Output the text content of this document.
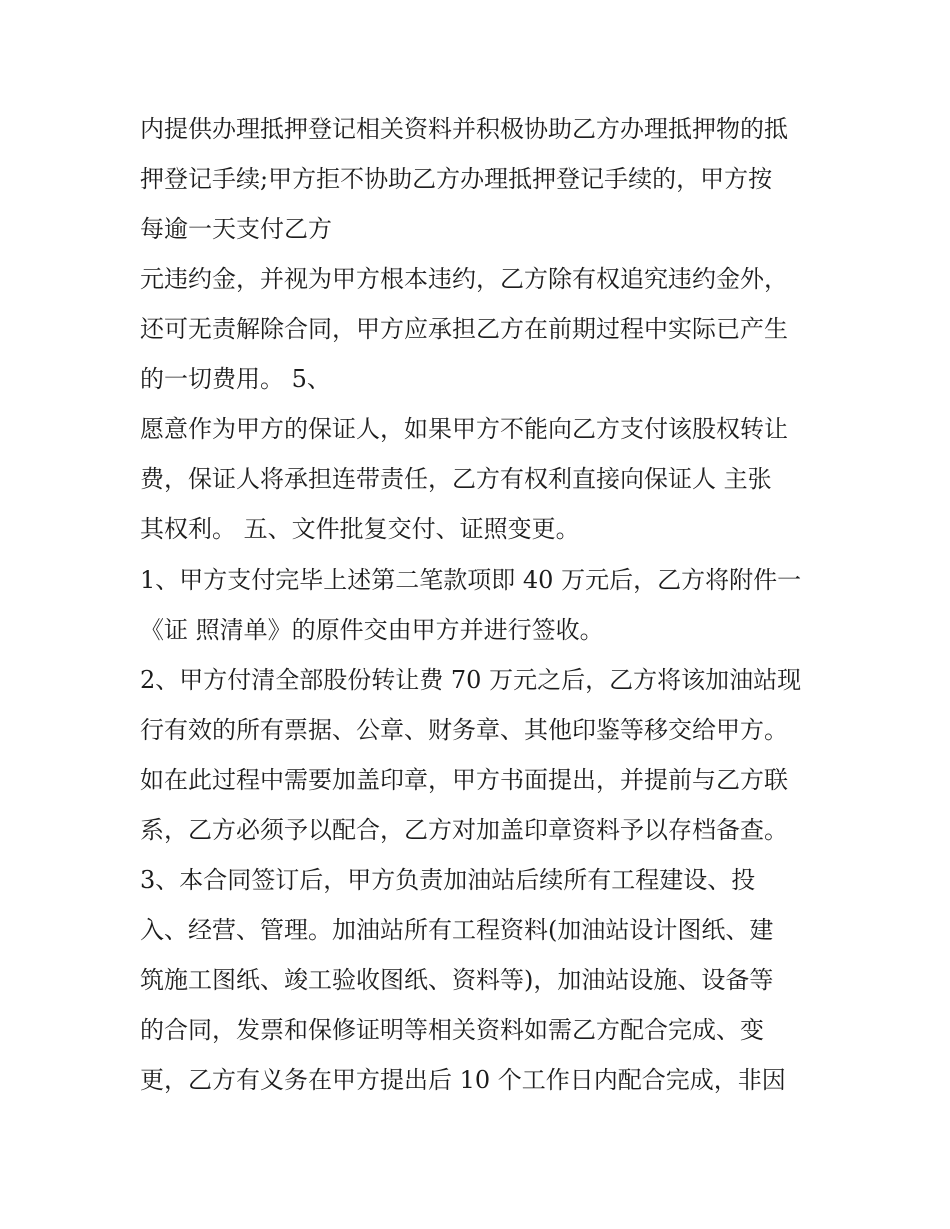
内提供办理抵押登记相关资料并积极协助乙方办理抵押物的抵

押登记手续;甲方拒不协助乙方办理抵押登记手续的，甲方按

每逾一天支付乙方

元违约金，并视为甲方根本违约，乙方除有权追究违约金外，

还可无责解除合同，甲方应承担乙方在前期过程中实际已产生

的一切费用。 5、

愿意作为甲方的保证人，如果甲方不能向乙方支付该股权转让

费，保证人将承担连带责任，乙方有权利直接向保证人 主张

其权利。 五、文件批复交付、证照变更。

1、甲方支付完毕上述第二笔款项即 40 万元后，乙方将附件一

《证 照清单》的原件交由甲方并进行签收。

2、甲方付清全部股份转让费 70 万元之后，乙方将该加油站现

行有效的所有票据、公章、财务章、其他印鉴等移交给甲方。

如在此过程中需要加盖印章，甲方书面提出，并提前与乙方联

系，乙方必须予以配合，乙方对加盖印章资料予以存档备查。

3、本合同签订后，甲方负责加油站后续所有工程建设、投

入、经营、管理。加油站所有工程资料(加油站设计图纸、建

筑施工图纸、竣工验收图纸、资料等)，加油站设施、设备等

的合同，发票和保修证明等相关资料如需乙方配合完成、变

更，乙方有义务在甲方提出后 10 个工作日内配合完成，非因
